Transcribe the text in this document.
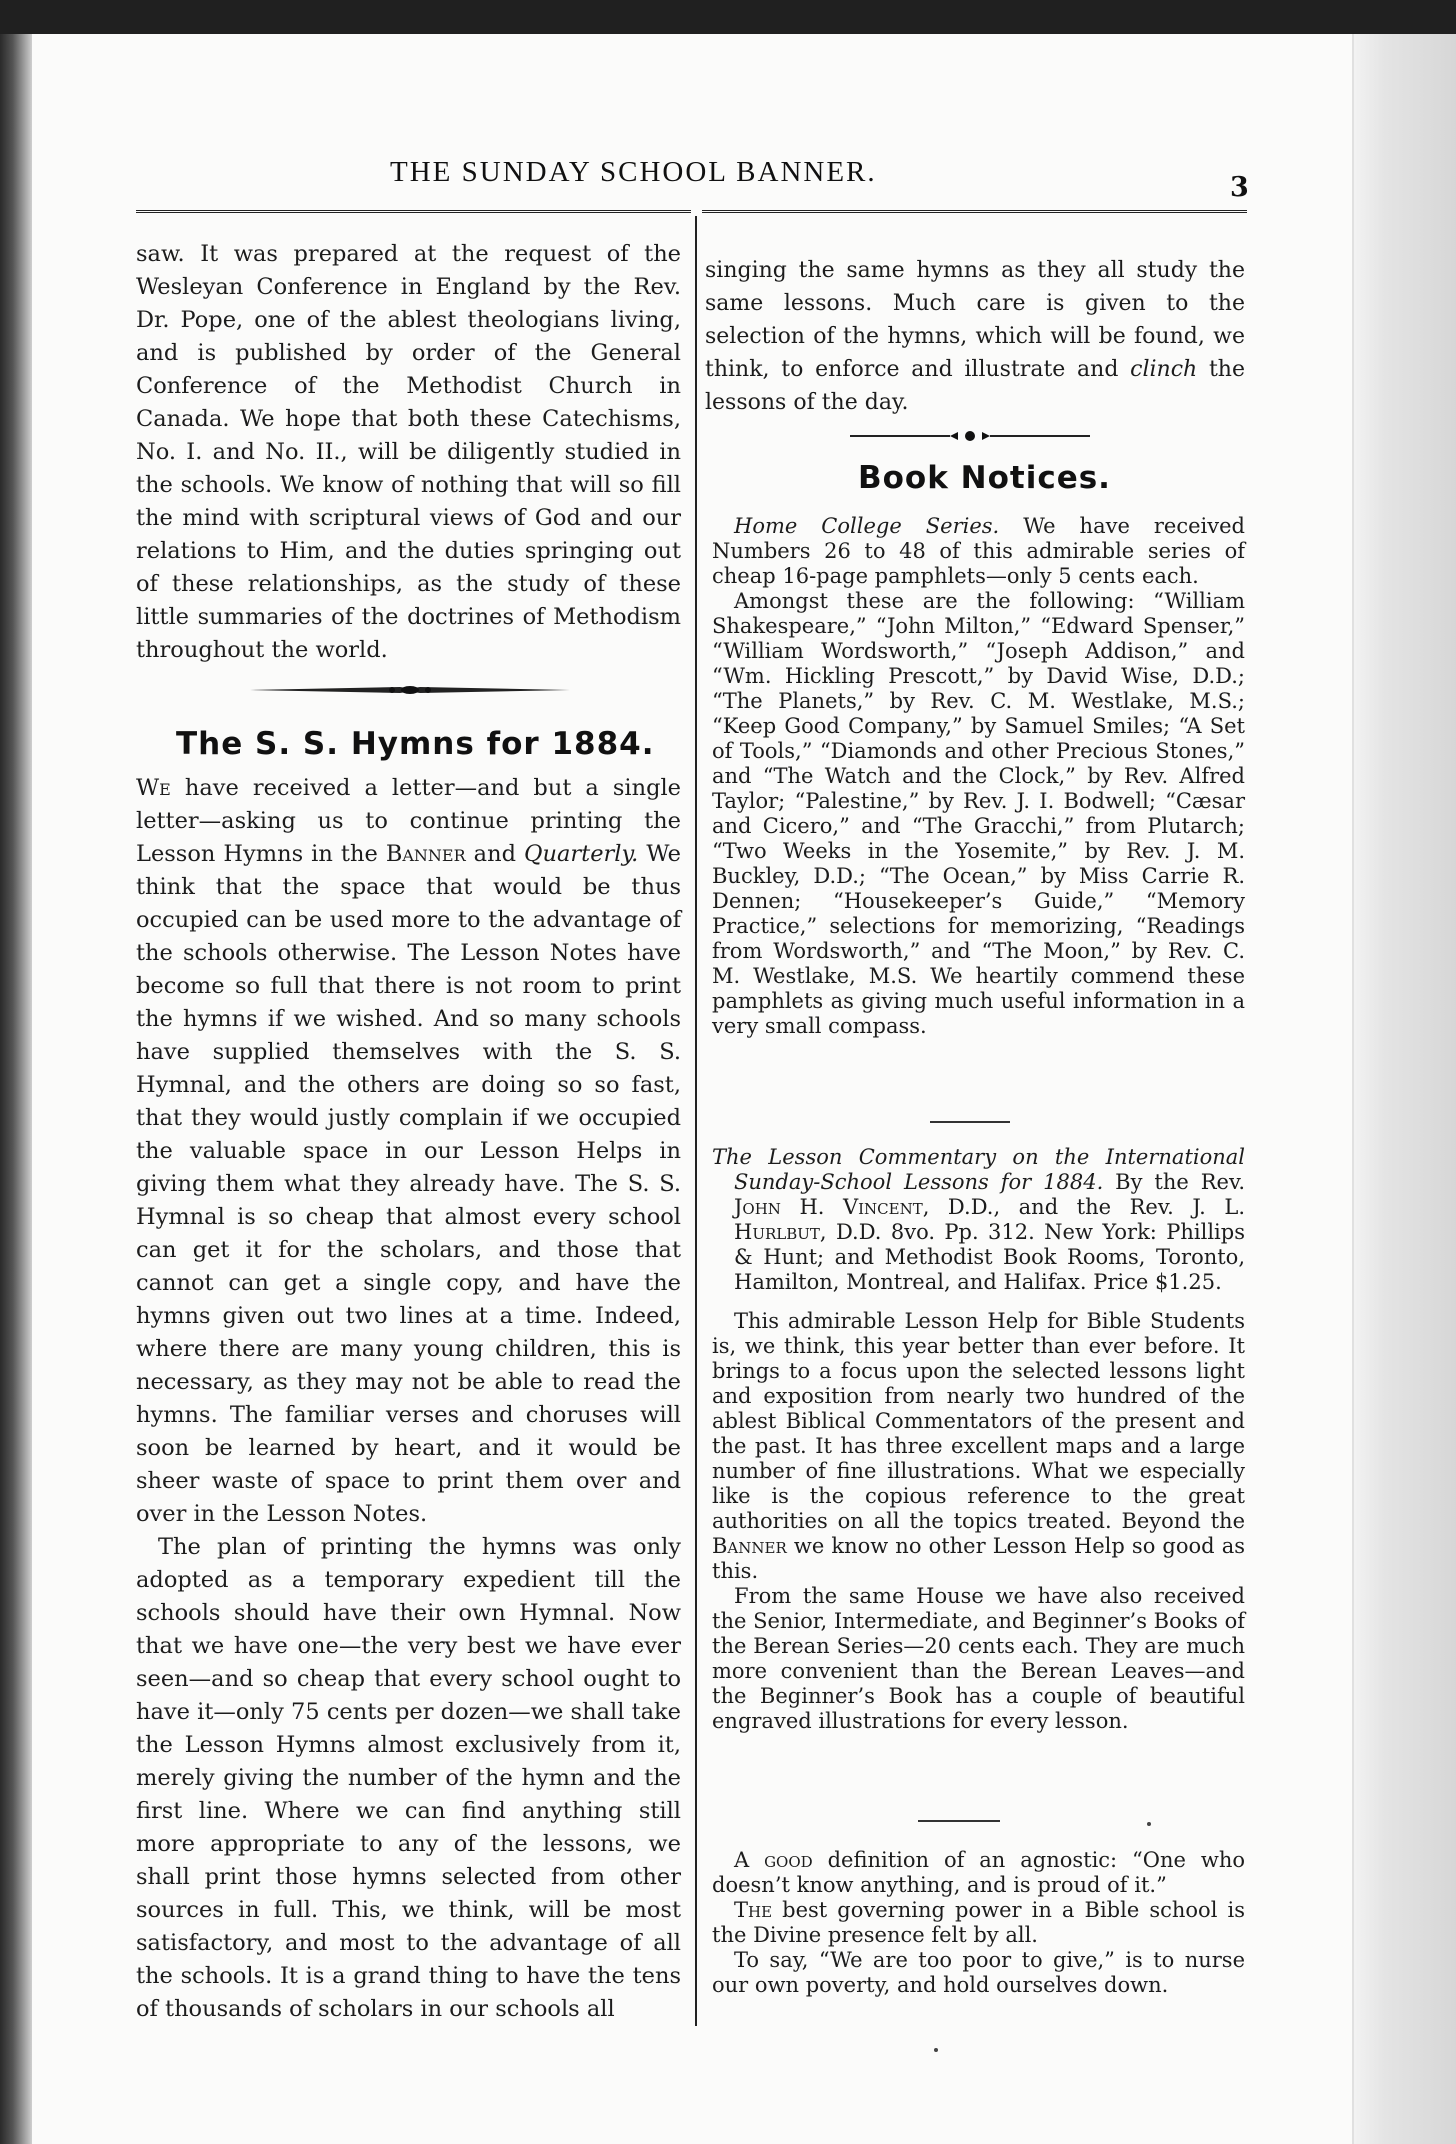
THE SUNDAY SCHOOL BANNER.	3

saw. It was prepared at the request of the Wesleyan Conference in England by the Rev. Dr. Pope, one of the ablest theologians living, and is published by order of the General Conference of the Methodist Church in Canada. We hope that both these Catechisms, No. I. and No. II., will be diligently studied in the schools. We know of nothing that will so fill the mind with scriptural views of God and our relations to Him, and the duties springing out of these relationships, as the study of these little summaries of the doctrines of Methodism throughout the world.

The S. S. Hymns for 1884.

We have received a letter—and but a single letter—asking us to continue printing the Lesson Hymns in the Banner and Quarterly. We think that the space that would be thus occupied can be used more to the advantage of the schools otherwise. The Lesson Notes have become so full that there is not room to print the hymns if we wished. And so many schools have supplied themselves with the S. S. Hymnal, and the others are doing so so fast, that they would justly complain if we occupied the valuable space in our Lesson Helps in giving them what they already have. The S. S. Hymnal is so cheap that almost every school can get it for the scholars, and those that cannot can get a single copy, and have the hymns given out two lines at a time. Indeed, where there are many young children, this is necessary, as they may not be able to read the hymns. The familiar verses and choruses will soon be learned by heart, and it would be sheer waste of space to print them over and over in the Lesson Notes.

The plan of printing the hymns was only adopted as a temporary expedient till the schools should have their own Hymnal. Now that we have one—the very best we have ever seen—and so cheap that every school ought to have it—only 75 cents per dozen—we shall take the Lesson Hymns almost exclusively from it, merely giving the number of the hymn and the first line. Where we can find anything still more appropriate to any of the lessons, we shall print those hymns selected from other sources in full. This, we think, will be most satisfactory, and most to the advantage of all the schools. It is a grand thing to have the tens of thousands of scholars in our schools all

singing the same hymns as they all study the same lessons. Much care is given to the selection of the hymns, which will be found, we think, to enforce and illustrate and clinch the lessons of the day.

Book Notices.

Home College Series. We have received Numbers 26 to 48 of this admirable series of cheap 16-page pamphlets—only 5 cents each.

Amongst these are the following: “William Shakespeare,” “John Milton,” “Edward Spenser,” “William Wordsworth,” “Joseph Addison,” and “Wm. Hickling Prescott,” by David Wise, D.D.; “The Planets,” by Rev. C. M. Westlake, M.S.; “Keep Good Company,” by Samuel Smiles; “A Set of Tools,” “Diamonds and other Precious Stones,” and “The Watch and the Clock,” by Rev. Alfred Taylor; “Palestine,” by Rev. J. I. Bodwell; “Cæsar and Cicero,” and “The Gracchi,” from Plutarch; “Two Weeks in the Yosemite,” by Rev. J. M. Buckley, D.D.; “The Ocean,” by Miss Carrie R. Dennen; “Housekeeper’s Guide,” “Memory Practice,” selections for memorizing, “Readings from Wordsworth,” and “The Moon,” by Rev. C. M. Westlake, M.S. We heartily commend these pamphlets as giving much useful information in a very small compass.

The Lesson Commentary on the International Sunday-School Lessons for 1884. By the Rev. John H. Vincent, D.D., and the Rev. J. L. Hurlbut, D.D. 8vo. Pp. 312. New York: Phillips & Hunt; and Methodist Book Rooms, Toronto, Hamilton, Montreal, and Halifax. Price $1.25.

This admirable Lesson Help for Bible Students is, we think, this year better than ever before. It brings to a focus upon the selected lessons light and exposition from nearly two hundred of the ablest Biblical Commentators of the present and the past. It has three excellent maps and a large number of fine illustrations. What we especially like is the copious reference to the great authorities on all the topics treated. Beyond the Banner we know no other Lesson Help so good as this.

From the same House we have also received the Senior, Intermediate, and Beginner’s Books of the Berean Series—20 cents each. They are much more convenient than the Berean Leaves—and the Beginner’s Book has a couple of beautiful engraved illustrations for every lesson.

A good definition of an agnostic: “One who doesn’t know anything, and is proud of it.”

The best governing power in a Bible school is the Divine presence felt by all.

To say, “We are too poor to give,” is to nurse our own poverty, and hold ourselves down.
